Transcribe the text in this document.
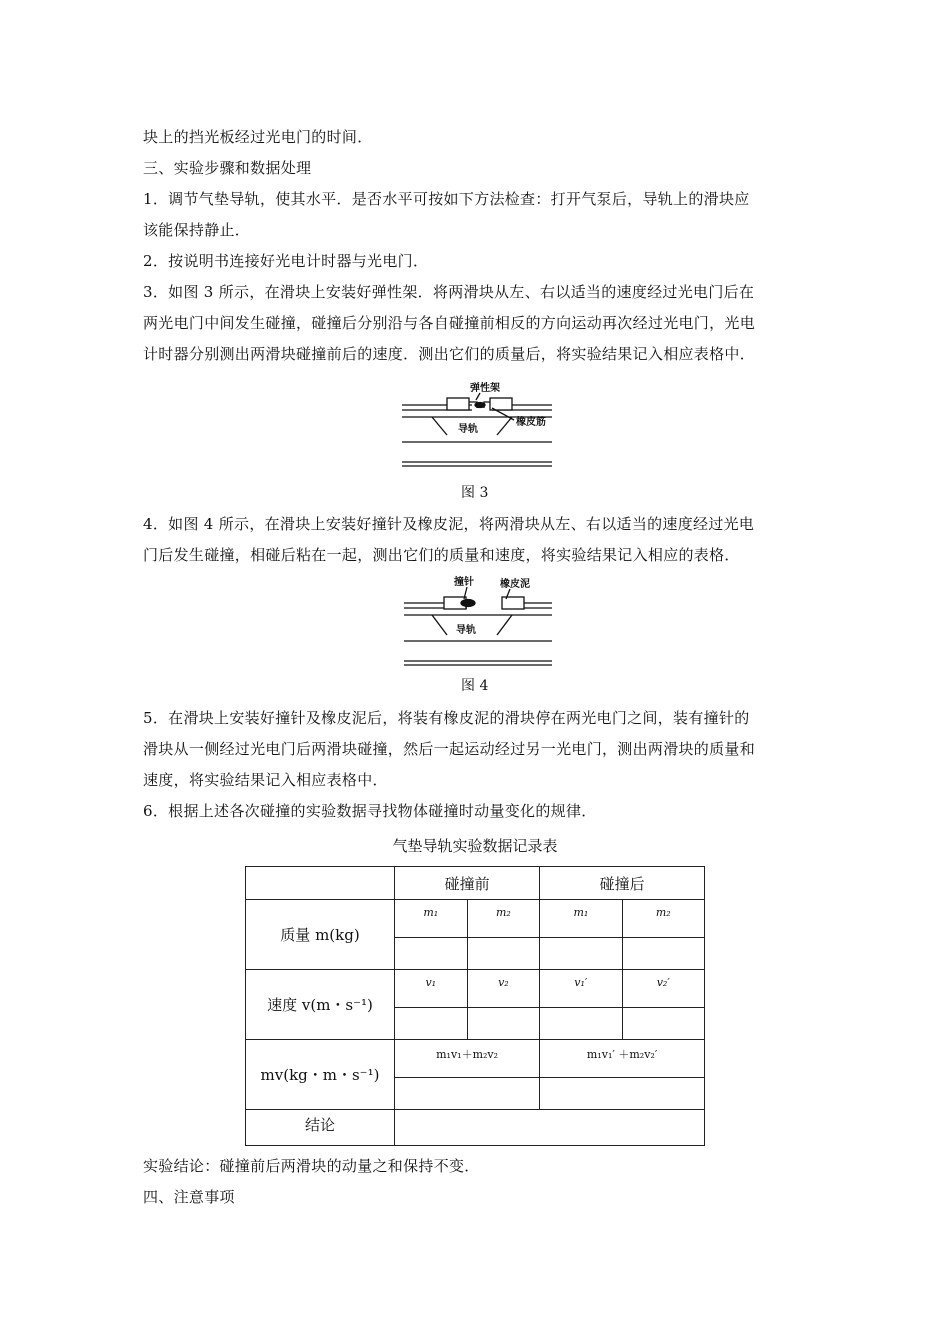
块上的挡光板经过光电门的时间．
三、实验步骤和数据处理
1．调节气垫导轨，使其水平．是否水平可按如下方法检查：打开气泵后，导轨上的滑块应
该能保持静止．
2．按说明书连接好光电计时器与光电门．
3．如图 3 所示，在滑块上安装好弹性架．将两滑块从左、右以适当的速度经过光电门后在
两光电门中间发生碰撞，碰撞后分别沿与各自碰撞前相反的方向运动再次经过光电门，光电
计时器分别测出两滑块碰撞前后的速度．测出它们的质量后，将实验结果记入相应表格中．
弹性架
导轨
橡皮筋
图 3
4．如图 4 所示，在滑块上安装好撞针及橡皮泥，将两滑块从左、右以适当的速度经过光电
门后发生碰撞，相碰后粘在一起，测出它们的质量和速度，将实验结果记入相应的表格．
撞针	橡皮泥
导轨
图 4
5．在滑块上安装好撞针及橡皮泥后，将装有橡皮泥的滑块停在两光电门之间，装有撞针的
滑块从一侧经过光电门后两滑块碰撞，然后一起运动经过另一光电门，测出两滑块的质量和
速度，将实验结果记入相应表格中．
6．根据上述各次碰撞的实验数据寻找物体碰撞时动量变化的规律．
气垫导轨实验数据记录表
	碰撞前		碰撞后	
质量 m(kg)	m₁	m₂	m₁	m₂

速度 v(m・s⁻¹)	v₁	v₂	v₁′	v₂′

mv(kg・m・s⁻¹)	m₁v₁＋m₂v₂		m₁v₁′ ＋m₂v₂′	

结论				
实验结论：碰撞前后两滑块的动量之和保持不变．
四、注意事项
